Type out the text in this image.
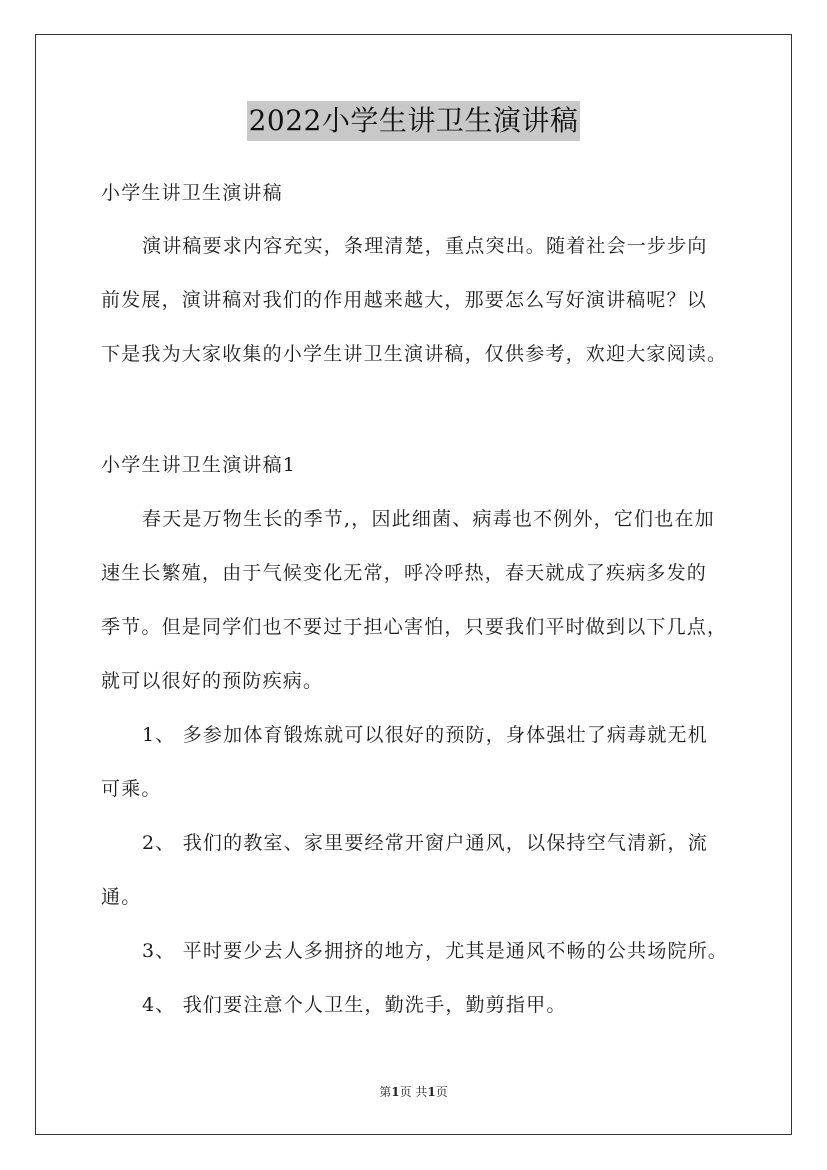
2022小学生讲卫生演讲稿
小学生讲卫生演讲稿
演讲稿要求内容充实，条理清楚，重点突出。随着社会一步步向
前发展，演讲稿对我们的作用越来越大，那要怎么写好演讲稿呢？以
下是我为大家收集的小学生讲卫生演讲稿，仅供参考，欢迎大家阅读。
小学生讲卫生演讲稿1
春天是万物生长的季节,，因此细菌、病毒也不例外，它们也在加
速生长繁殖，由于气候变化无常，呼冷呼热，春天就成了疾病多发的
季节。但是同学们也不要过于担心害怕，只要我们平时做到以下几点，
就可以很好的预防疾病。
1、 多参加体育锻炼就可以很好的预防，身体强壮了病毒就无机
可乘。
2、 我们的教室、家里要经常开窗户通风，以保持空气清新，流
通。
3、 平时要少去人多拥挤的地方，尤其是通风不畅的公共场院所。
4、 我们要注意个人卫生，勤洗手，勤剪指甲。
第1页 共1页
